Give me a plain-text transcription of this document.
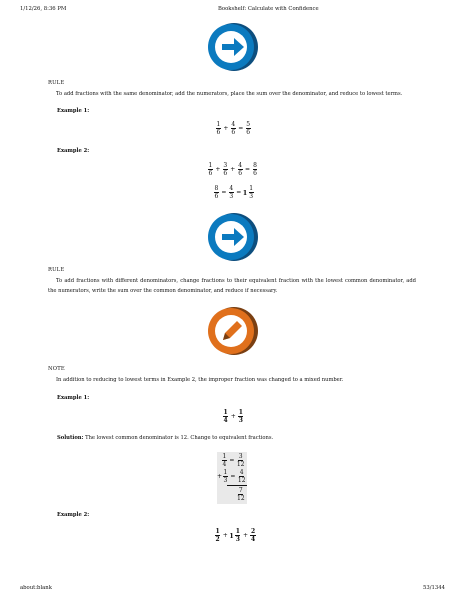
1/12/26, 8:36 PM	Bookshelf: Calculate with Confidence
RULE
To add fractions with the same denominator, add the numerators, place the sum over the denominator, and reduce to lowest terms.
Example 1:
1
6
+ $\frac{4}{6} = \frac{5}{6}$
Example 2:
1
6
+ $\frac{3}{6} + \frac{4}{6} = \frac{8}{6}$
$\frac{8}{6} = \frac{4}{3} = 1$ 1
3
RULE
To add fractions with different denominators, change fractions to their equivalent fraction with the lowest common denominator, add the numerators, write the sum over the common denominator, and reduce if necessary.
NOTE
In addition to reducing to lowest terms in Example 2, the improper fraction was changed to a mixed number.
Example 1:
1
4
+ $\frac{1}{3}$
Solution: The lowest common denominator is 12. Change to equivalent fractions.
$\frac{1}{4} = \frac{3}{12}$
+ $\frac{1}{3} = \frac{4}{12}$
7
12
Example 2:
1
2
+ 1 1
3
+ $\frac{2}{4}$
about:blank	53/1344
